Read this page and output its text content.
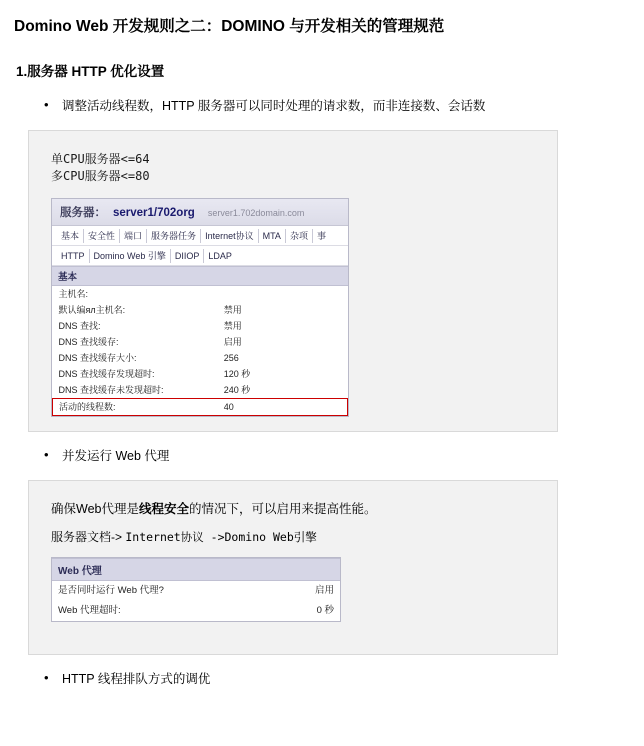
Domino Web 开发规则之二：DOMINO 与开发相关的管理规范
1.服务器 HTTP 优化设置
• 调整活动线程数，HTTP 服务器可以同时处理的请求数，而非连接数、会话数
单CPU服务器<=64
多CPU服务器<=80
服务器： server1/702org server1.702domain.com
基本	安全性	端口	服务器任务	Internet协议	MTA	杂项	事
HTTP	Domino Web 引擎	DIIOP	LDAP
基本
主机名:	
默认编ял主机名:	禁用
DNS 查找:	禁用
DNS 查找缓存:	启用
DNS 查找缓存大小:	256
DNS 查找缓存发现超时:	120 秒
DNS 查找缓存未发现超时:	240 秒
活动的线程数:	40
• 并发运行 Web 代理
确保Web代理是线程安全的情况下，可以启用来提高性能。
服务器文档-> Internet协议 ->Domino Web引擎
Web 代理
是否同时运行 Web 代理?	启用
Web 代理超时:	0 秒
• HTTP 线程排队方式的调优
